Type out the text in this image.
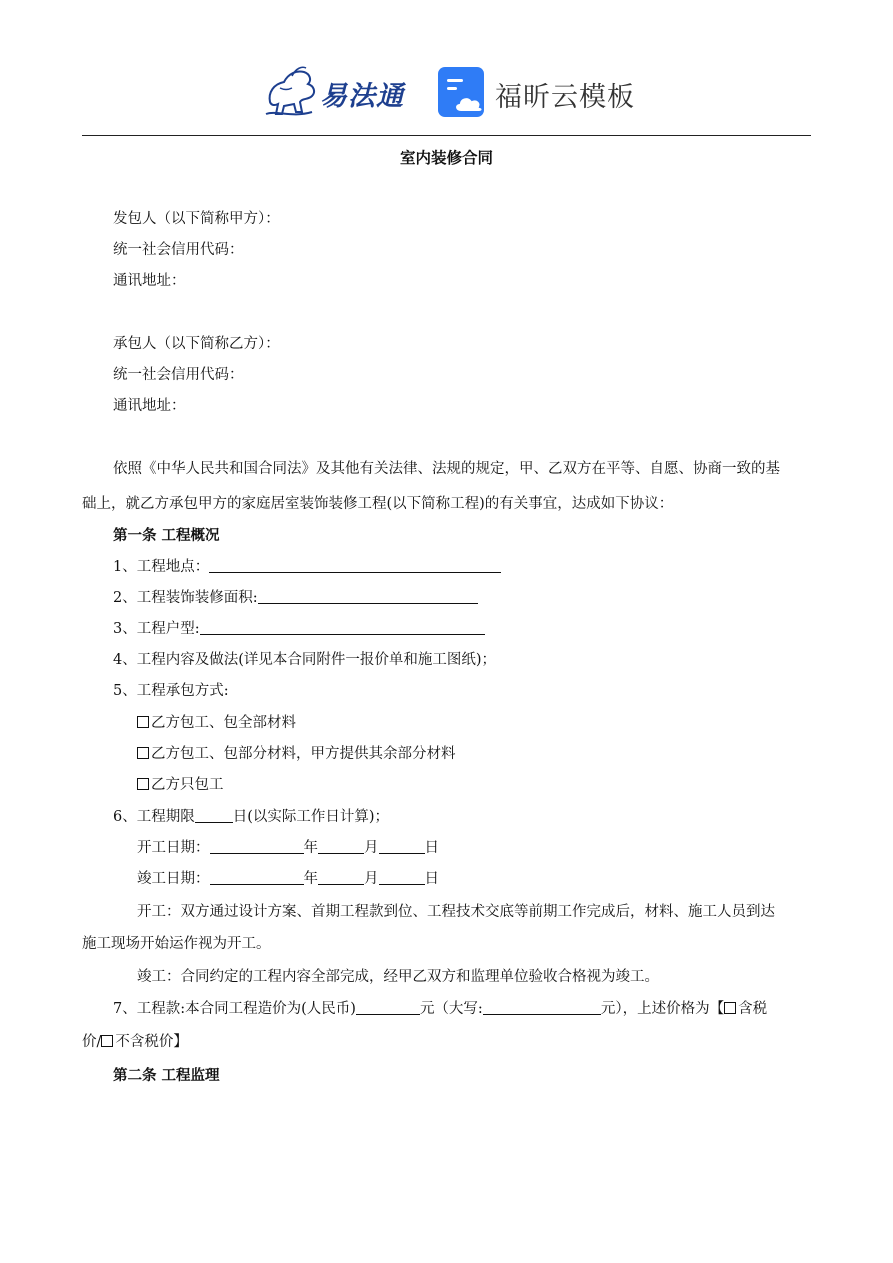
易法通	福昕云模板
室内装修合同
发包人（以下简称甲方）：
统一社会信用代码：
通讯地址：
承包人（以下简称乙方）：
统一社会信用代码：
通讯地址：
依照《中华人民共和国合同法》及其他有关法律、法规的规定，甲、乙双方在平等、自愿、协商一致的基
础上，就乙方承包甲方的家庭居室装饰装修工程(以下简称工程)的有关事宜，达成如下协议：
第一条 工程概况
1、工程地点：
2、工程装饰装修面积:
3、工程户型:
4、工程内容及做法(详见本合同附件一报价单和施工图纸)；
5、工程承包方式:
乙方包工、包全部材料
乙方包工、包部分材料，甲方提供其余部分材料
乙方只包工
6、工程期限	日(以实际工作日计算)；
开工日期：	年	月	日
竣工日期：	年	月	日
开工：双方通过设计方案、首期工程款到位、工程技术交底等前期工作完成后，材料、施工人员到达
施工现场开始运作视为开工。
竣工：合同约定的工程内容全部完成，经甲乙双方和监理单位验收合格视为竣工。
7、工程款:本合同工程造价为(人民币)	元（大写:	元），上述价格为【 含税
价/ 不含税价】
第二条 工程监理
